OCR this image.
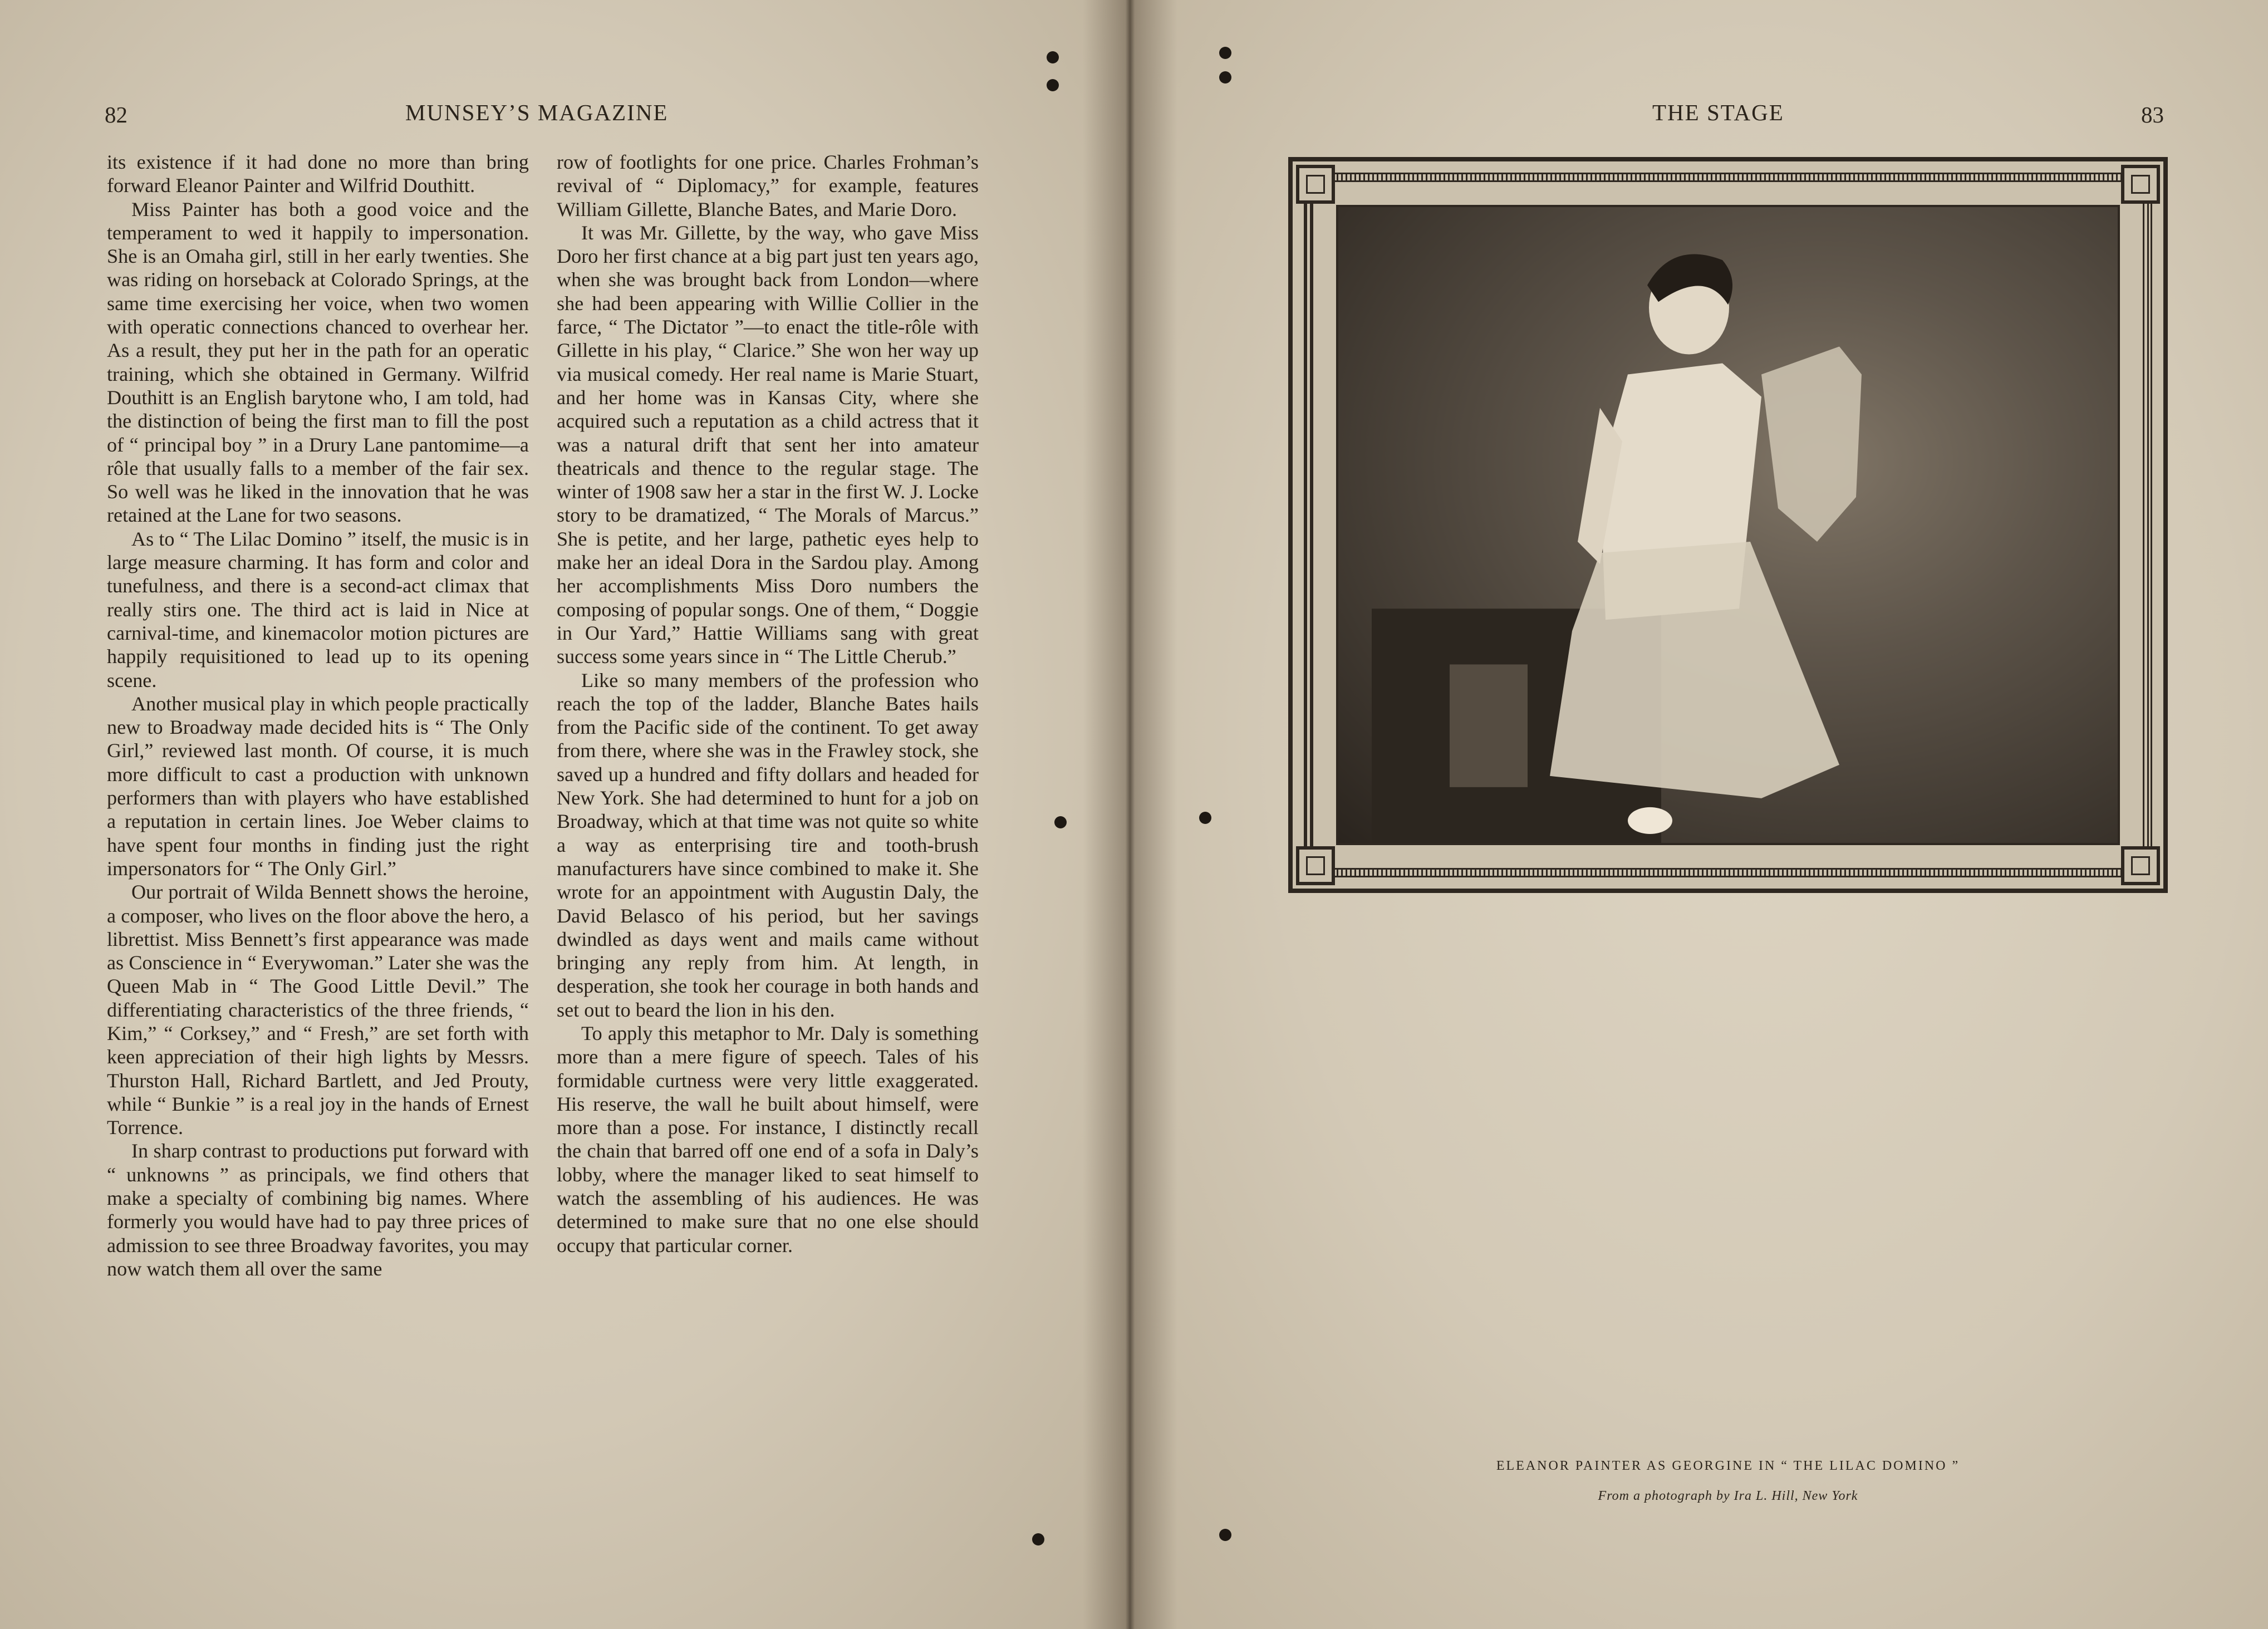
82	MUNSEY’S MAGAZINE

its existence if it had done no more than bring forward Eleanor Painter and Wilfrid Douthitt.

Miss Painter has both a good voice and the temperament to wed it happily to impersonation. She is an Omaha girl, still in her early twenties. She was riding on horseback at Colorado Springs, at the same time exercising her voice, when two women with operatic connections chanced to overhear her. As a result, they put her in the path for an operatic training, which she obtained in Germany. Wilfrid Douthitt is an English barytone who, I am told, had the distinction of being the first man to fill the post of “ principal boy ” in a Drury Lane pantomime—a rôle that usually falls to a member of the fair sex. So well was he liked in the innovation that he was retained at the Lane for two seasons.

As to “ The Lilac Domino ” itself, the music is in large measure charming. It has form and color and tunefulness, and there is a second-act climax that really stirs one. The third act is laid in Nice at carnival-time, and kinemacolor motion pictures are happily requisitioned to lead up to its opening scene.

Another musical play in which people practically new to Broadway made decided hits is “ The Only Girl,” reviewed last month. Of course, it is much more difficult to cast a production with unknown performers than with players who have established a reputation in certain lines. Joe Weber claims to have spent four months in finding just the right impersonators for “ The Only Girl.”

Our portrait of Wilda Bennett shows the heroine, a composer, who lives on the floor above the hero, a librettist. Miss Bennett’s first appearance was made as Conscience in “ Everywoman.” Later she was the Queen Mab in “ The Good Little Devil.” The differentiating characteristics of the three friends, “ Kim,” “ Corksey,” and “ Fresh,” are set forth with keen appreciation of their high lights by Messrs. Thurston Hall, Richard Bartlett, and Jed Prouty, while “ Bunkie ” is a real joy in the hands of Ernest Torrence.

In sharp contrast to productions put forward with “ unknowns ” as principals, we find others that make a specialty of combining big names. Where formerly you would have had to pay three prices of admission to see three Broadway favorites, you may now watch them all over the same

row of footlights for one price. Charles Frohman’s revival of “ Diplomacy,” for example, features William Gillette, Blanche Bates, and Marie Doro.

It was Mr. Gillette, by the way, who gave Miss Doro her first chance at a big part just ten years ago, when she was brought back from London—where she had been appearing with Willie Collier in the farce, “ The Dictator ”—to enact the title-rôle with Gillette in his play, “ Clarice.” She won her way up via musical comedy. Her real name is Marie Stuart, and her home was in Kansas City, where she acquired such a reputation as a child actress that it was a natural drift that sent her into amateur theatricals and thence to the regular stage. The winter of 1908 saw her a star in the first W. J. Locke story to be dramatized, “ The Morals of Marcus.” She is petite, and her large, pathetic eyes help to make her an ideal Dora in the Sardou play. Among her accomplishments Miss Doro numbers the composing of popular songs. One of them, “ Doggie in Our Yard,” Hattie Williams sang with great success some years since in “ The Little Cherub.”

Like so many members of the profession who reach the top of the ladder, Blanche Bates hails from the Pacific side of the continent. To get away from there, where she was in the Frawley stock, she saved up a hundred and fifty dollars and headed for New York. She had determined to hunt for a job on Broadway, which at that time was not quite so white a way as enterprising tire and tooth-brush manufacturers have since combined to make it. She wrote for an appointment with Augustin Daly, the David Belasco of his period, but her savings dwindled as days went and mails came without bringing any reply from him. At length, in desperation, she took her courage in both hands and set out to beard the lion in his den.

To apply this metaphor to Mr. Daly is something more than a mere figure of speech. Tales of his formidable curtness were very little exaggerated. His reserve, the wall he built about himself, were more than a pose. For instance, I distinctly recall the chain that barred off one end of a sofa in Daly’s lobby, where the manager liked to seat himself to watch the assembling of his audiences. He was determined to make sure that no one else should occupy that particular corner.

THE STAGE	83
ELEANOR PAINTER AS GEORGINE IN “ THE LILAC DOMINO ”
From a photograph by Ira L. Hill, New York
